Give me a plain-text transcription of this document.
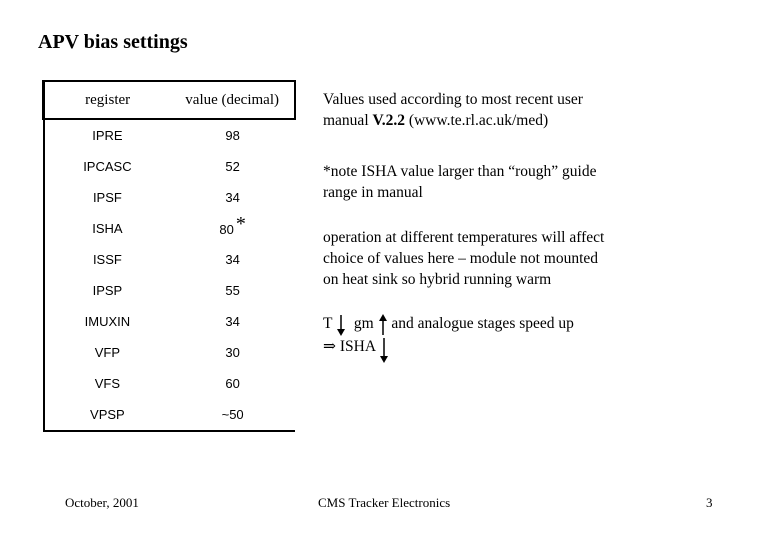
APV bias settings
register	value (decimal)
IPRE	98
IPCASC	52
IPSF	34
ISHA	80 *
ISSF	34
IPSP	55
IMUXIN	34
VFP	30
VFS	60
VPSP	~50
Values used according to most recent user
manual V.2.2 (www.te.rl.ac.uk/med)
*note ISHA value larger than “rough” guide
range in manual
operation at different temperatures will affect
choice of values here – module not mounted
on heat sink so hybrid running warm
T gm and analogue stages speed up
⇒ ISHA
October, 2001	CMS Tracker Electronics	3
